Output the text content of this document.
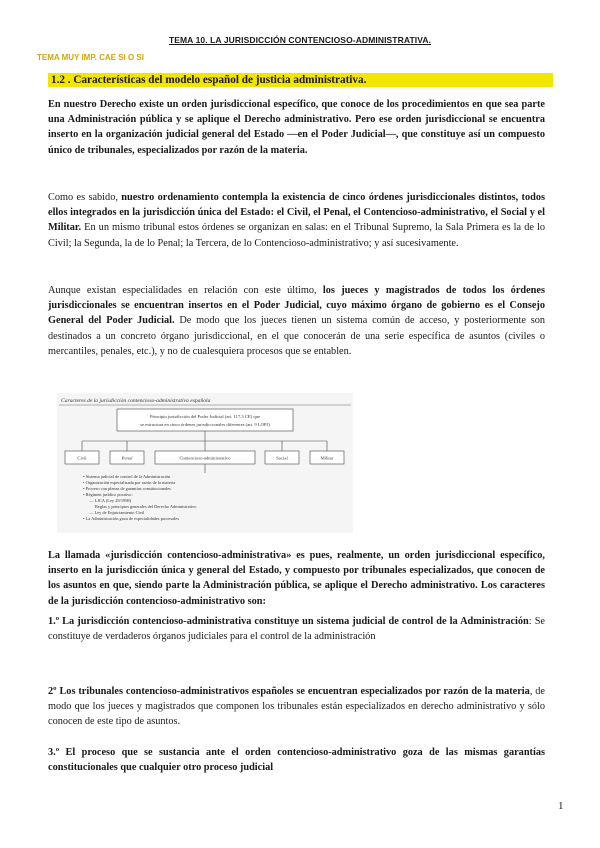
TEMA 10. LA JURISDICCIÓN CONTENCIOSO-ADMINISTRATIVA.
TEMA MUY IMP. CAE SI O SI
1.2 . Características del modelo español de justicia administrativa.
En nuestro Derecho existe un orden jurisdiccional específico, que conoce de los procedimientos en que sea parte una Administración pública y se aplique el Derecho administrativo. Pero ese orden jurisdiccional se encuentra inserto en la organización judicial general del Estado —en el Poder Judicial—, que constituye así un compuesto único de tribunales, especializados por razón de la materia.
Como es sabido, nuestro ordenamiento contempla la existencia de cinco órdenes jurisdiccionales distintos, todos ellos integrados en la jurisdicción única del Estado: el Civil, el Penal, el Contencioso-administrativo, el Social y el Militar. En un mismo tribunal estos órdenes se organizan en salas: en el Tribunal Supremo, la Sala Primera es la de lo Civil; la Segunda, la de lo Penal; la Tercera, de lo Contencioso-administrativo; y así sucesivamente.
Aunque existan especialidades en relación con este último, los jueces y magistrados de todos los órdenes jurisdiccionales se encuentran insertos en el Poder Judicial, cuyo máximo órgano de gobierno es el Consejo General del Poder Judicial. De modo que los jueces tienen un sistema común de acceso, y posteriormente son destinados a un concreto órgano jurisdiccional, en el que conocerán de una serie específica de asuntos (civiles o mercantiles, penales, etc.), y no de cualesquiera procesos que se entablen.
Caracteres de la jurisdicción contencioso-administrativa española
Principio jurisdicción del Poder Judicial (art. 117.3 CE) que
se estructura en cinco órdenes jurisdiccionales diferentes (art. 9 LOPJ)
Civil	Penal	Contencioso-administrativo	Social	Militar
• Sistema judicial de control de la Administración
• Organización especializada por razón de la materia
• Proceso con plenas de garantías constitucionales
• Régimen jurídico positivo:
— LJCA (Ley 29/1998)
Reglas y principios generales del Derecho Administrativo
— Ley de Enjuiciamiento Civil
• La Administración goza de especialidades procesales
La llamada «jurisdicción contencioso-administrativa» es pues, realmente, un orden jurisdiccional específico, inserto en la jurisdicción única y general del Estado, y compuesto por tribunales especializados, que conocen de los asuntos en que, siendo parte la Administración pública, se aplique el Derecho administrativo. Los caracteres de la jurisdicción contencioso-administrativo son:
1.º La jurisdicción contencioso-administrativa constituye un sistema judicial de control de la Administración: Se constituye de verdaderos órganos judiciales para el control de la administración
2º Los tribunales contencioso-administrativos españoles se encuentran especializados por razón de la materia, de modo que los jueces y magistrados que componen los tribunales están especializados en derecho administrativo y sólo conocen de este tipo de asuntos.
3.º El proceso que se sustancia ante el orden contencioso-administrativo goza de las mismas garantías constitucionales que cualquier otro proceso judicial
1
